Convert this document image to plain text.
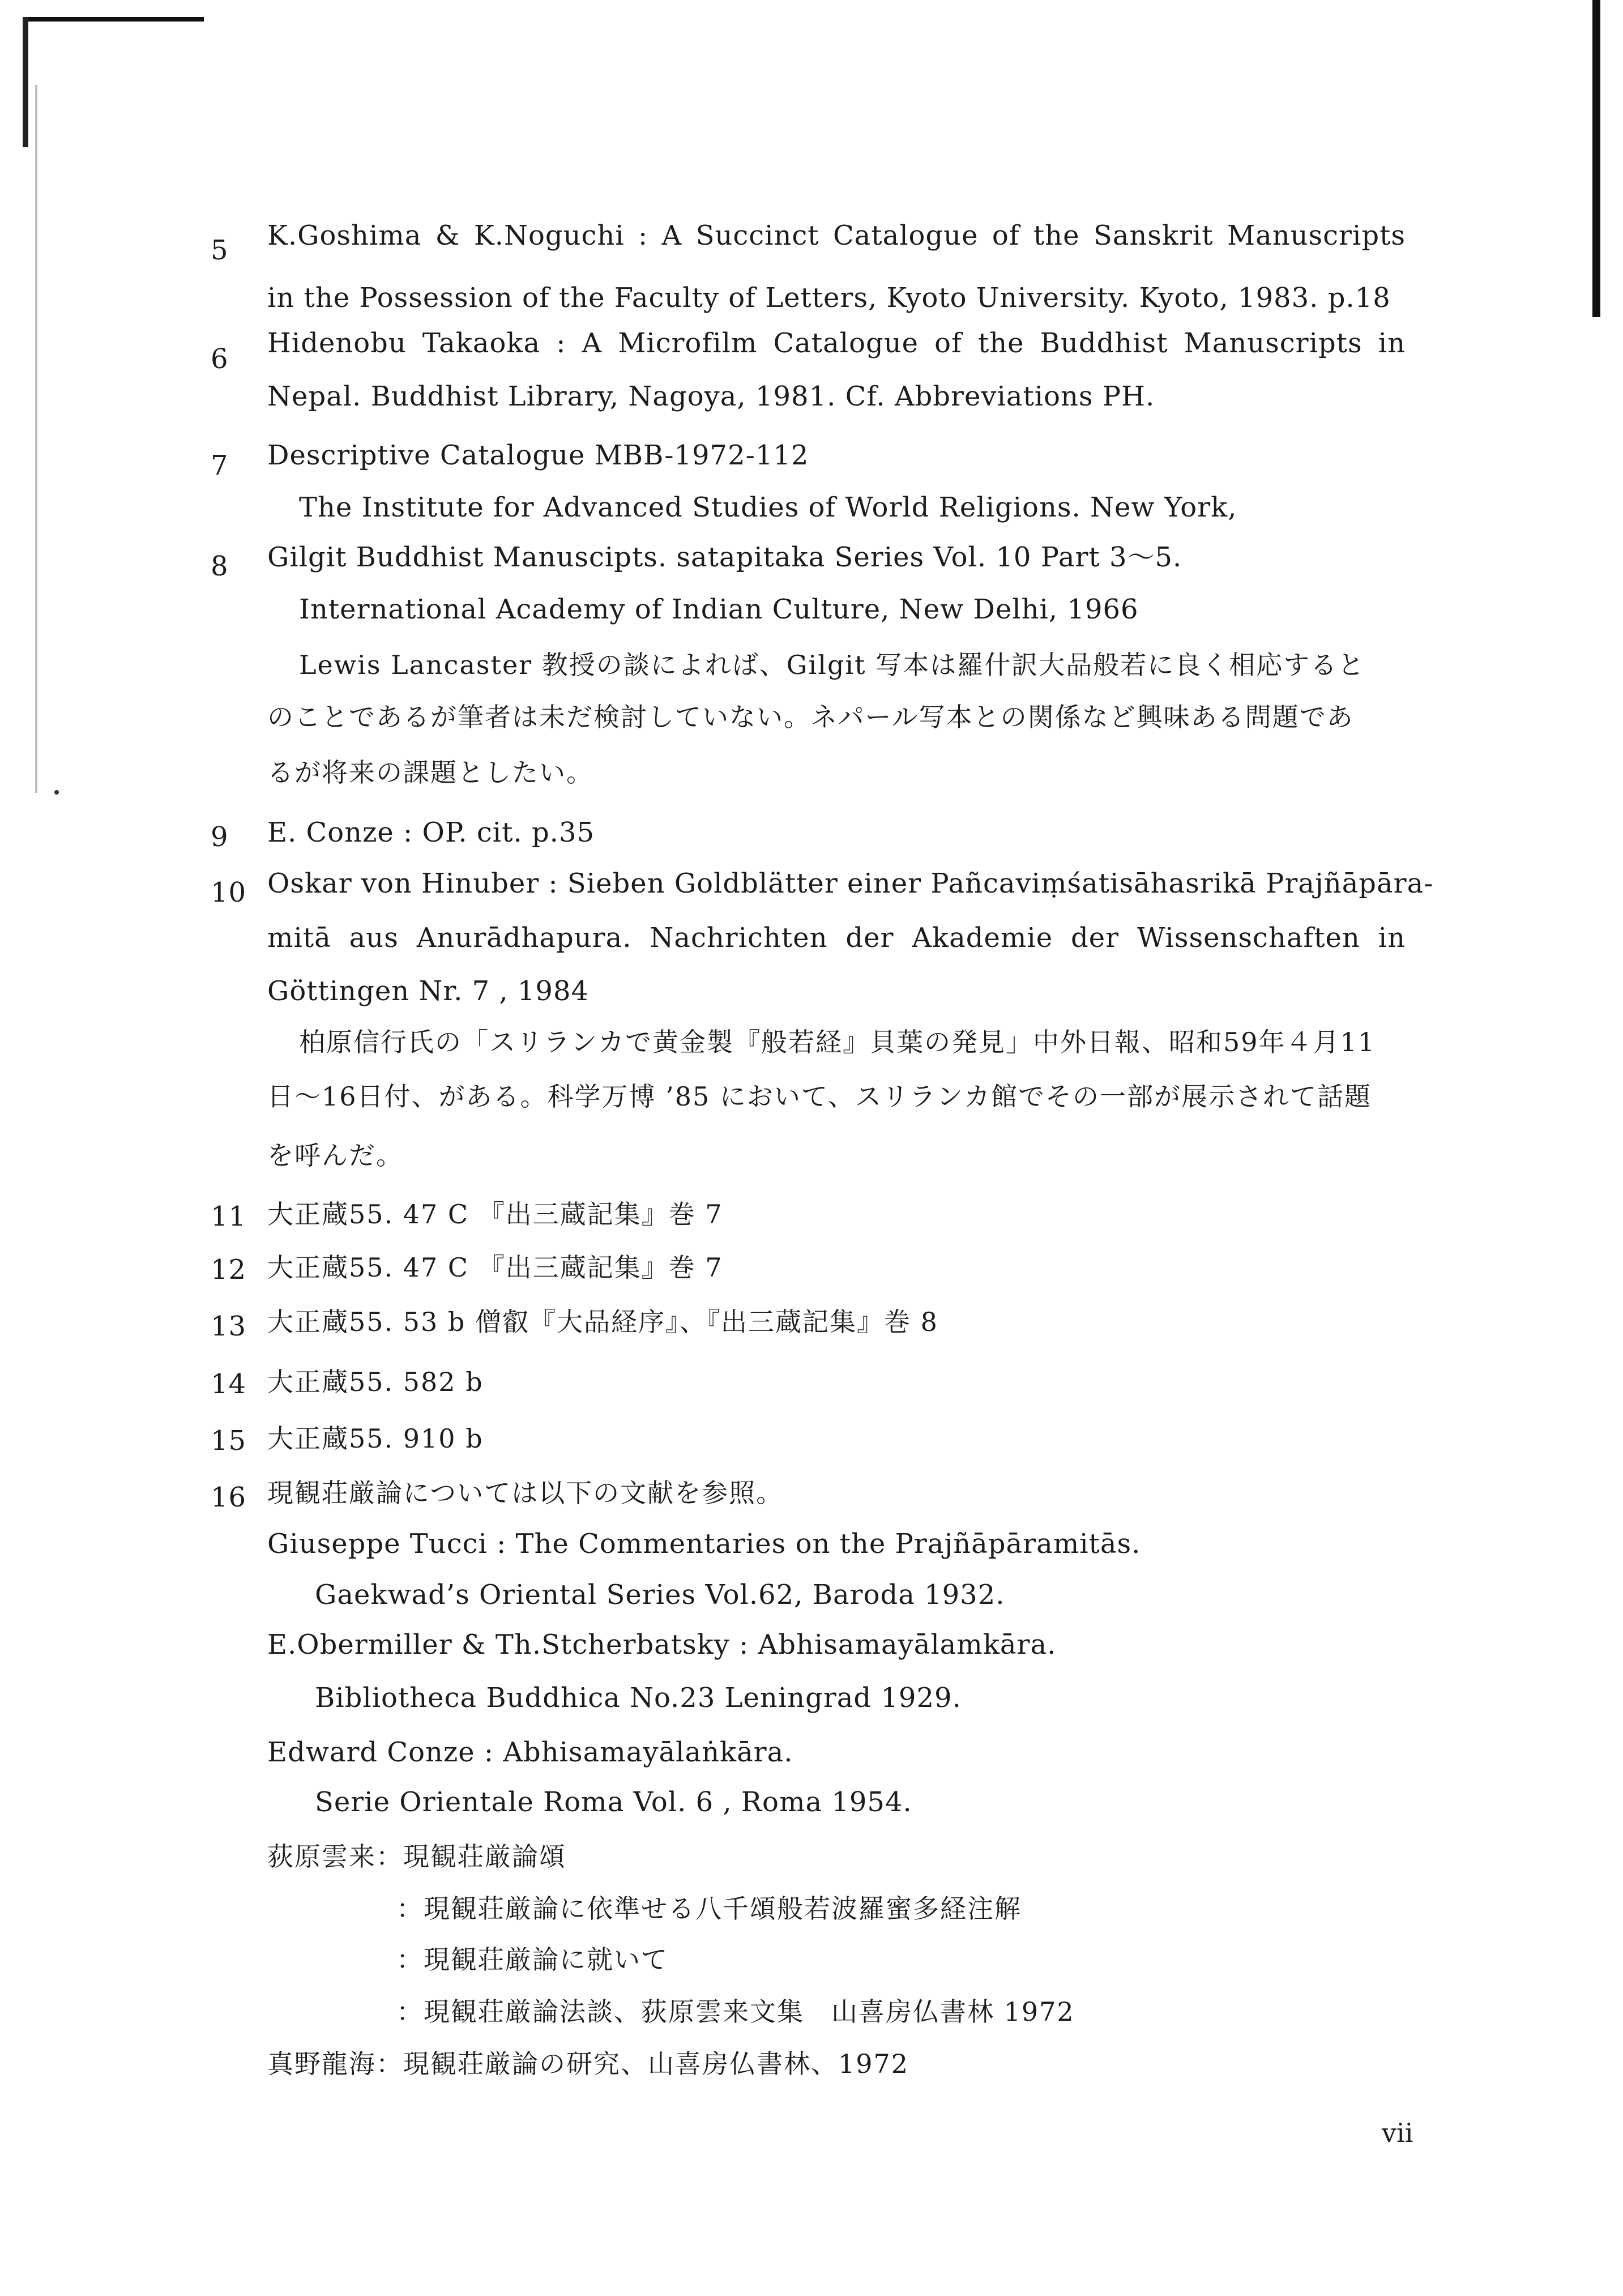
5 K.Goshima & K.Noguchi : A Succinct Catalogue of the Sanskrit Manuscripts
in the Possession of the Faculty of Letters, Kyoto University. Kyoto, 1983. p.18
6 Hidenobu Takaoka : A Microfilm Catalogue of the Buddhist Manuscripts in
Nepal. Buddhist Library, Nagoya, 1981. Cf. Abbreviations PH.
7 Descriptive Catalogue MBB-1972-112
The Institute for Advanced Studies of World Religions. New York,
8 Gilgit Buddhist Manuscipts. satapitaka Series Vol. 10 Part 3～5.
International Academy of Indian Culture, New Delhi, 1966
Lewis Lancaster 教授の談によれば、Gilgit 写本は羅什訳大品般若に良く相応すると
のことであるが筆者は未だ検討していない。ネパール写本との関係など興味ある問題であ
るが将来の課題としたい。
9 E. Conze : OP. cit. p.35
10 Oskar von Hinuber : Sieben Goldblätter einer Pañcaviṃśatisāhasrikā Prajñāpāra-
mitā aus Anurādhapura. Nachrichten der Akademie der Wissenschaften in
Göttingen Nr. 7 , 1984
柏原信行氏の「スリランカで黄金製『般若経』貝葉の発見」中外日報、昭和59年４月11
日～16日付、がある。科学万博 ’85 において、スリランカ館でその一部が展示されて話題
を呼んだ。
11 大正蔵55. 47 C 『出三蔵記集』巻 7
12 大正蔵55. 47 C 『出三蔵記集』巻 7
13 大正蔵55. 53 b 僧叡『大品経序』、『出三蔵記集』巻 8
14 大正蔵55. 582 b
15 大正蔵55. 910 b
16 現観荘厳論については以下の文献を参照。
Giuseppe Tucci : The Commentaries on the Prajñāpāramitās.
Gaekwad’s Oriental Series Vol.62, Baroda 1932.
E.Obermiller & Th.Stcherbatsky : Abhisamayālamkāra.
Bibliotheca Buddhica No.23 Leningrad 1929.
Edward Conze : Abhisamayālaṅkāra.
Serie Orientale Roma Vol. 6 , Roma 1954.
荻原雲来：現観荘厳論頌
：現観荘厳論に依準せる八千頌般若波羅蜜多経注解
：現観荘厳論に就いて
：現観荘厳論法談、荻原雲来文集　山喜房仏書林 1972
真野龍海：現観荘厳論の研究、山喜房仏書林、1972
vii
